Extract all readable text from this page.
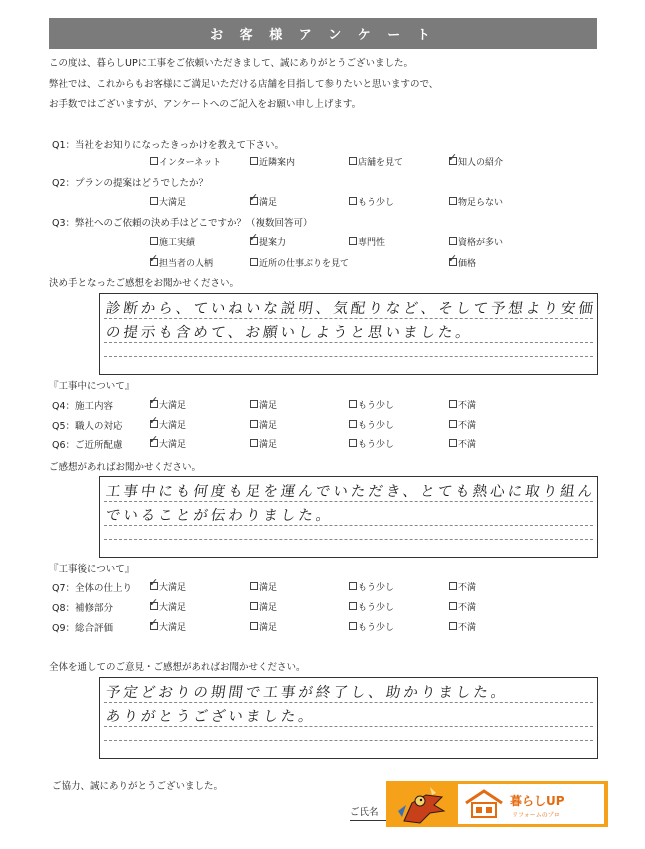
お 客 様 ア ン ケ ー ト
この度は、暮らしUPに工事をご依頼いただきまして、誠にありがとうございました。
弊社では、これからもお客様にご満足いただける店舗を目指して参りたいと思いますので、
お手数ではございますが、アンケートへのご記入をお願い申し上げます。
Q1：当社をお知りになったきっかけを教えて下さい。
インターネット	近隣案内	店舗を見て	✓ 知人の紹介
Q2：プランの提案はどうでしたか？
大満足	✓ 満足	もう少し	物足らない
Q3：弊社へのご依頼の決め手はどこですか？（複数回答可）
施工実績	✓ 提案力	専門性	資格が多い
✓ 担当者の人柄	近所の仕事ぶりを見て	✓ 価格
決め手となったご感想をお聞かせください。
診断から、ていねいな説明、気配りなど、そして予想より安価
の提示も含めて、お願いしようと思いました。
『工事中について』
Q4：施工内容	✓ 大満足	満足	もう少し	不満
Q5：職人の対応 ✓ 大満足	満足	もう少し	不満
Q6：ご近所配慮 ✓ 大満足	満足	もう少し	不満
ご感想があればお聞かせください。
工事中にも何度も足を運んでいただき、とても熱心に取り組ん
でいることが伝わりました。
『工事後について』
Q7：全体の仕上り ✓ 大満足	満足	もう少し	不満
Q8：補修部分	✓ 大満足	満足	もう少し	不満
Q9：総合評価	✓ 大満足	満足	もう少し	不満
全体を通してのご意見・ご感想があればお聞かせください。
予定どおりの期間で工事が終了し、助かりました。
ありがとうございました。
ご協力、誠にありがとうございました。
ご氏名
暮らしUP
リフォームのプロ
